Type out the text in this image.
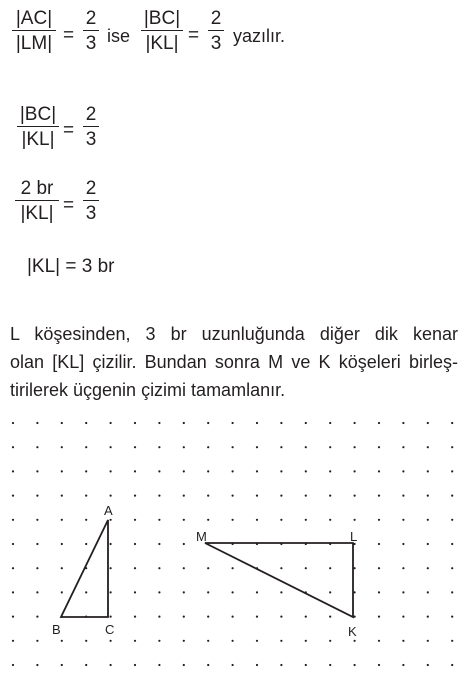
|AC|
|LM| =
2
3 ise
|BC|
|KL| =
2
3 yazılır.
|BC|
|KL| =
2
3
2 br
|KL| =
2
3
|KL| = 3 br
L köşesinden, 3 br uzunluğunda diğer dik kenar
olan [KL] çizilir. Bundan sonra M ve K köşeleri birleş-
tirilerek üçgenin çizimi tamamlanır.
A
B	C
M	L
K
